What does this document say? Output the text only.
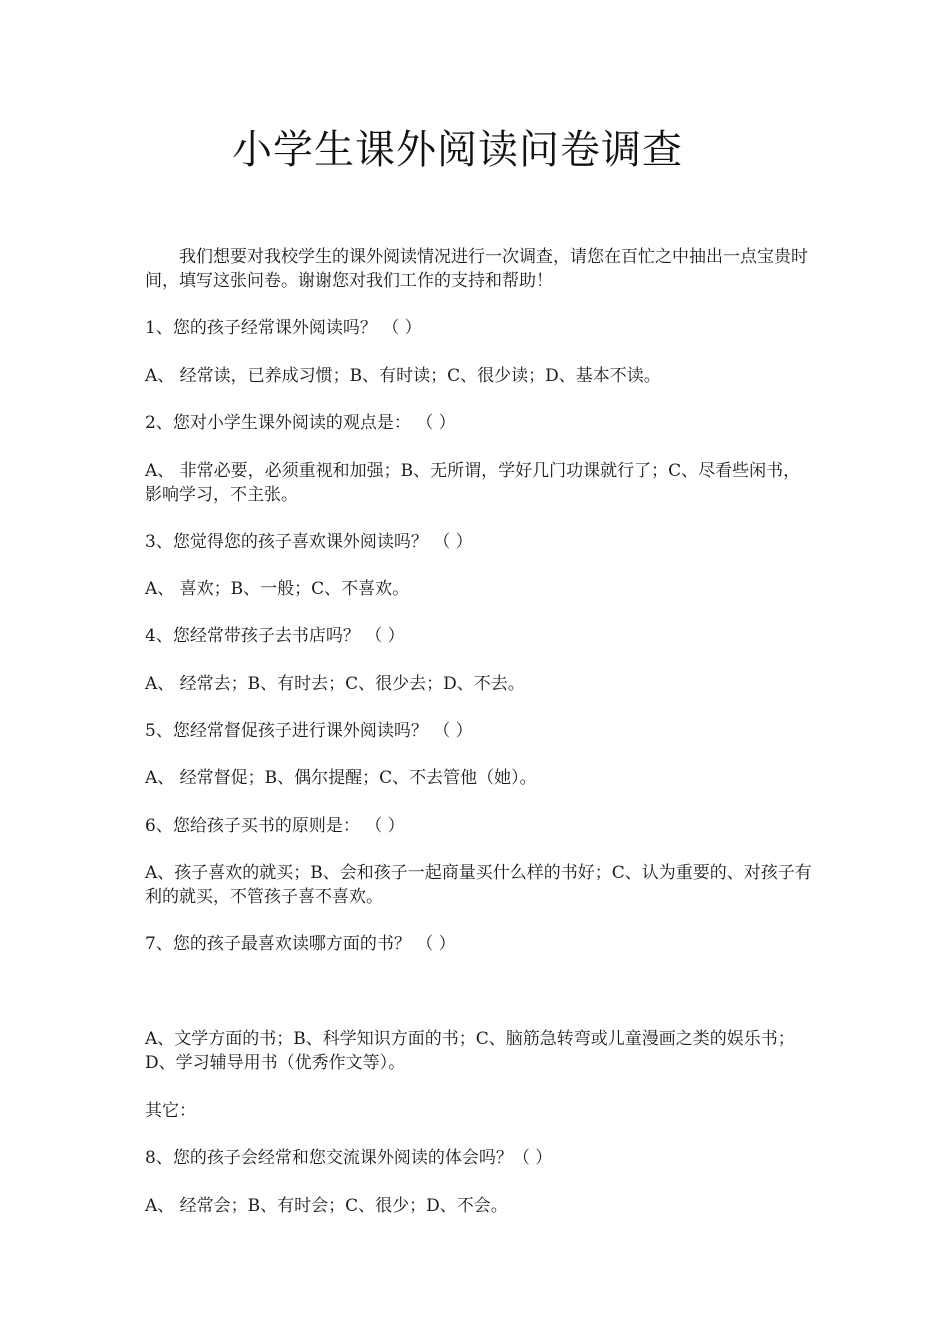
小学生课外阅读问卷调查
我们想要对我校学生的课外阅读情况进行一次调查，请您在百忙之中抽出一点宝贵时间，填写这张问卷。谢谢您对我们工作的支持和帮助！
1、您的孩子经常课外阅读吗？ （ ）
A、 经常读，已养成习惯；B、有时读；C、很少读；D、基本不读。
2、您对小学生课外阅读的观点是： （ ）
A、 非常必要，必须重视和加强；B、无所谓，学好几门功课就行了；C、尽看些闲书，影响学习，不主张。
3、您觉得您的孩子喜欢课外阅读吗？ （ ）
A、 喜欢；B、一般；C、不喜欢。
4、您经常带孩子去书店吗？ （ ）
A、 经常去；B、有时去；C、很少去；D、不去。
5、您经常督促孩子进行课外阅读吗？ （ ）
A、 经常督促；B、偶尔提醒；C、不去管他（她）。
6、您给孩子买书的原则是： （ ）
A、孩子喜欢的就买；B、会和孩子一起商量买什么样的书好；C、认为重要的、对孩子有利的就买，不管孩子喜不喜欢。
7、您的孩子最喜欢读哪方面的书？ （ ）
A、文学方面的书；B、科学知识方面的书；C、脑筋急转弯或儿童漫画之类的娱乐书；D、学习辅导用书（优秀作文等）。
其它：
8、您的孩子会经常和您交流课外阅读的体会吗？（ ）
A、 经常会；B、有时会；C、很少；D、不会。
